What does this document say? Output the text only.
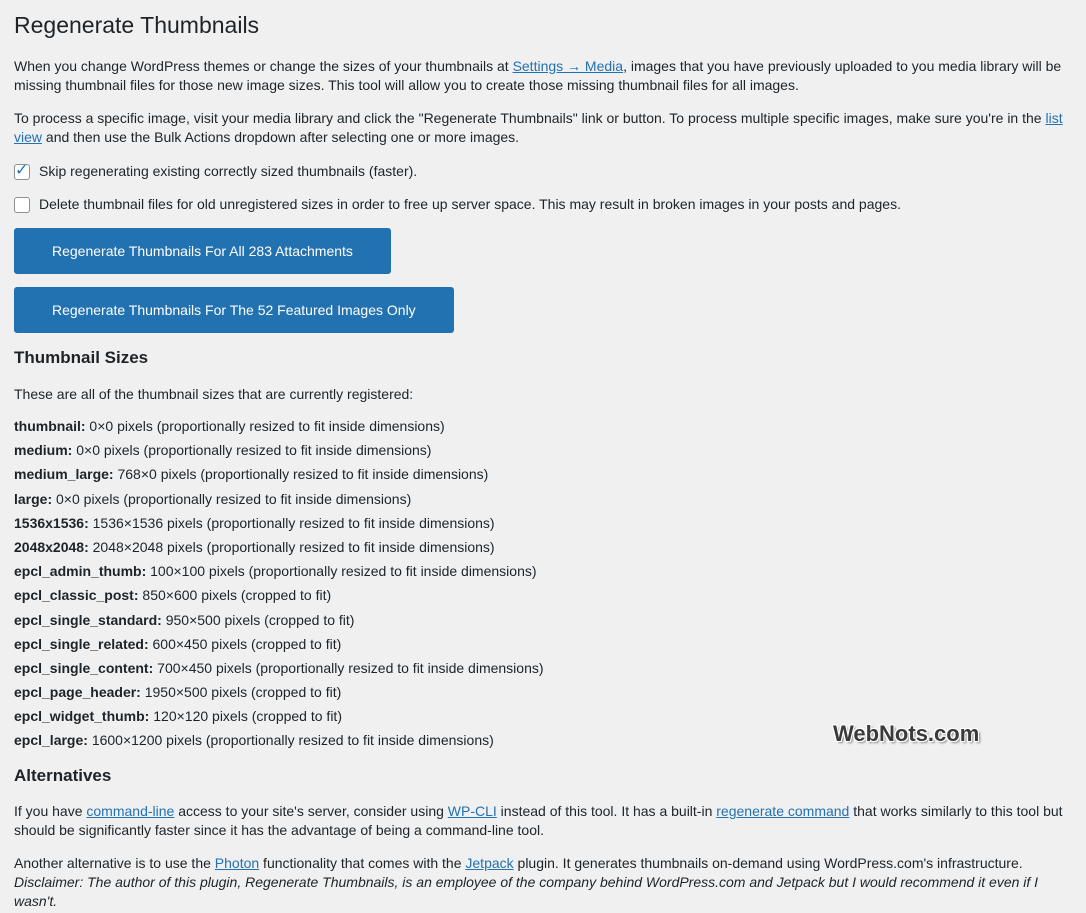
Regenerate Thumbnails

When you change WordPress themes or change the sizes of your thumbnails at Settings → Media, images that you have previously uploaded to you media library will be missing thumbnail files for those new image sizes. This tool will allow you to create those missing thumbnail files for all images.

To process a specific image, visit your media library and click the "Regenerate Thumbnails" link or button. To process multiple specific images, make sure you're in the list view and then use the Bulk Actions dropdown after selecting one or more images.

✓ Skip regenerating existing correctly sized thumbnails (faster).
Delete thumbnail files for old unregistered sizes in order to free up server space. This may result in broken images in your posts and pages.
Regenerate Thumbnails For All 283 Attachments
Regenerate Thumbnails For The 52 Featured Images Only
Thumbnail Sizes

These are all of the thumbnail sizes that are currently registered:

thumbnail: 0×0 pixels (proportionally resized to fit inside dimensions)
medium: 0×0 pixels (proportionally resized to fit inside dimensions)
medium_large: 768×0 pixels (proportionally resized to fit inside dimensions)
large: 0×0 pixels (proportionally resized to fit inside dimensions)
1536x1536: 1536×1536 pixels (proportionally resized to fit inside dimensions)
2048x2048: 2048×2048 pixels (proportionally resized to fit inside dimensions)
epcl_admin_thumb: 100×100 pixels (proportionally resized to fit inside dimensions)
epcl_classic_post: 850×600 pixels (cropped to fit)
epcl_single_standard: 950×500 pixels (cropped to fit)
epcl_single_related: 600×450 pixels (cropped to fit)
epcl_single_content: 700×450 pixels (proportionally resized to fit inside dimensions)
epcl_page_header: 1950×500 pixels (cropped to fit)
epcl_widget_thumb: 120×120 pixels (cropped to fit)
epcl_large: 1600×1200 pixels (proportionally resized to fit inside dimensions)
Alternatives

If you have command-line access to your site's server, consider using WP-CLI instead of this tool. It has a built-in regenerate command that works similarly to this tool but should be significantly faster since it has the advantage of being a command-line tool.

Another alternative is to use the Photon functionality that comes with the Jetpack plugin. It generates thumbnails on-demand using WordPress.com's infrastructure.
Disclaimer: The author of this plugin, Regenerate Thumbnails, is an employee of the company behind WordPress.com and Jetpack but I would recommend it even if I wasn't.

WebNots.com
